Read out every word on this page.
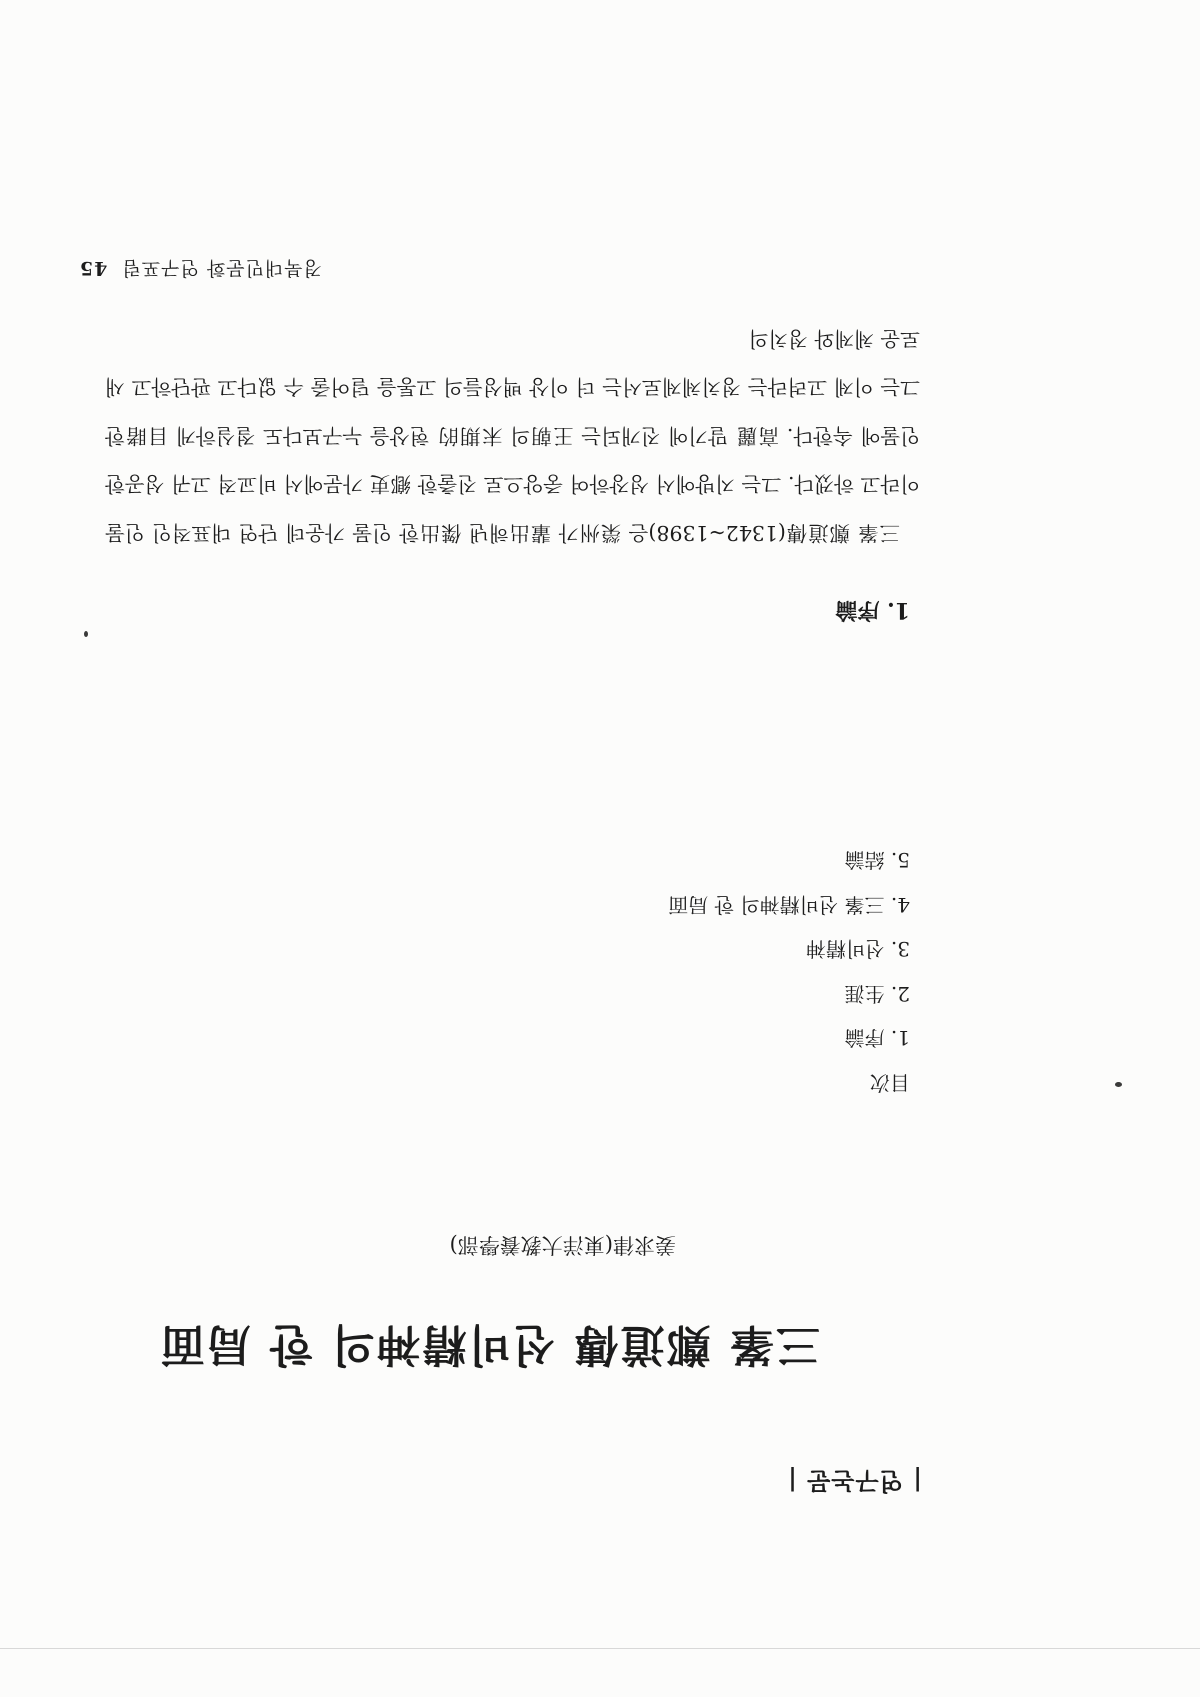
| 연구논문 |
三峯 鄭道傳 선비精神의 한 局面
姜求律(東洋大教養學部)
目次
1. 序論
2. 生涯
3. 선비精神
4. 三峯 선비精神의 한 局面
5. 結論
1. 序論

三峯 鄭道傳(1342~1398)은 榮州가 輩出해낸 傑出한 인물 가운데 단연 대표적인 인물이라고 하겠다. 그는 지방에서 성장하여 중앙으로 진출한 鄕吏 가문에서 비교적 고귀 성공한 인물에 속한다. 高麗 말기에 진개되는 王朝의 末期的 현상을 누구보다도 절실하게 目睹한 그는 이제 고려라는 정치체제로서는 더 이상 백성들의 고통을 덜어줄 수 없다고 판단하고 새로운 체제와 정치의

경북대민문화 연구포럼45
